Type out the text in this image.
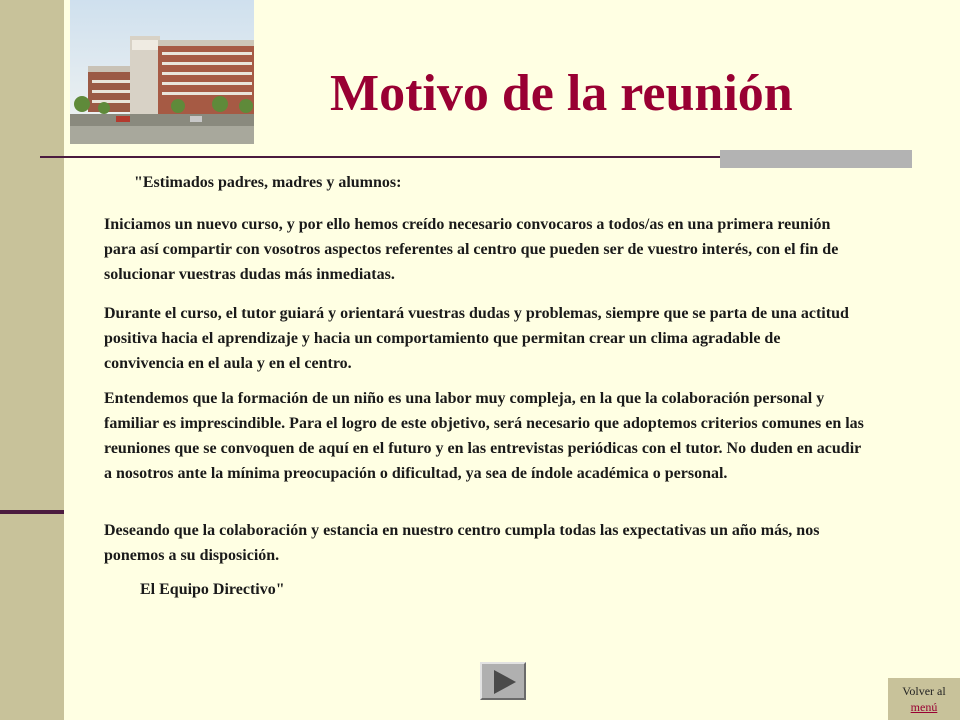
Motivo de la reunión

"Estimados padres, madres y alumnos:

Iniciamos un nuevo curso, y por ello hemos creído necesario convocaros a todos/as en una primera reunión para así compartir con vosotros aspectos referentes al centro que pueden ser de vuestro interés, con el fin de solucionar vuestras dudas más inmediatas.

Durante el curso, el tutor guiará y orientará vuestras dudas y problemas, siempre que se parta de una actitud positiva hacia el aprendizaje y hacia un comportamiento que permitan crear un clima agradable de convivencia en el aula y en el centro.

Entendemos que la formación de un niño es una labor muy compleja, en la que la colaboración personal y familiar es imprescindible. Para el logro de este objetivo, será necesario que adoptemos criterios comunes en las reuniones que se convoquen de aquí en el futuro y en las entrevistas periódicas con el tutor. No duden en acudir a nosotros ante la mínima preocupación o dificultad, ya sea de índole académica o personal.

Deseando que la colaboración y estancia en nuestro centro cumpla todas las expectativas un año más, nos ponemos a su disposición.

El Equipo Directivo"

Volver al
menú
